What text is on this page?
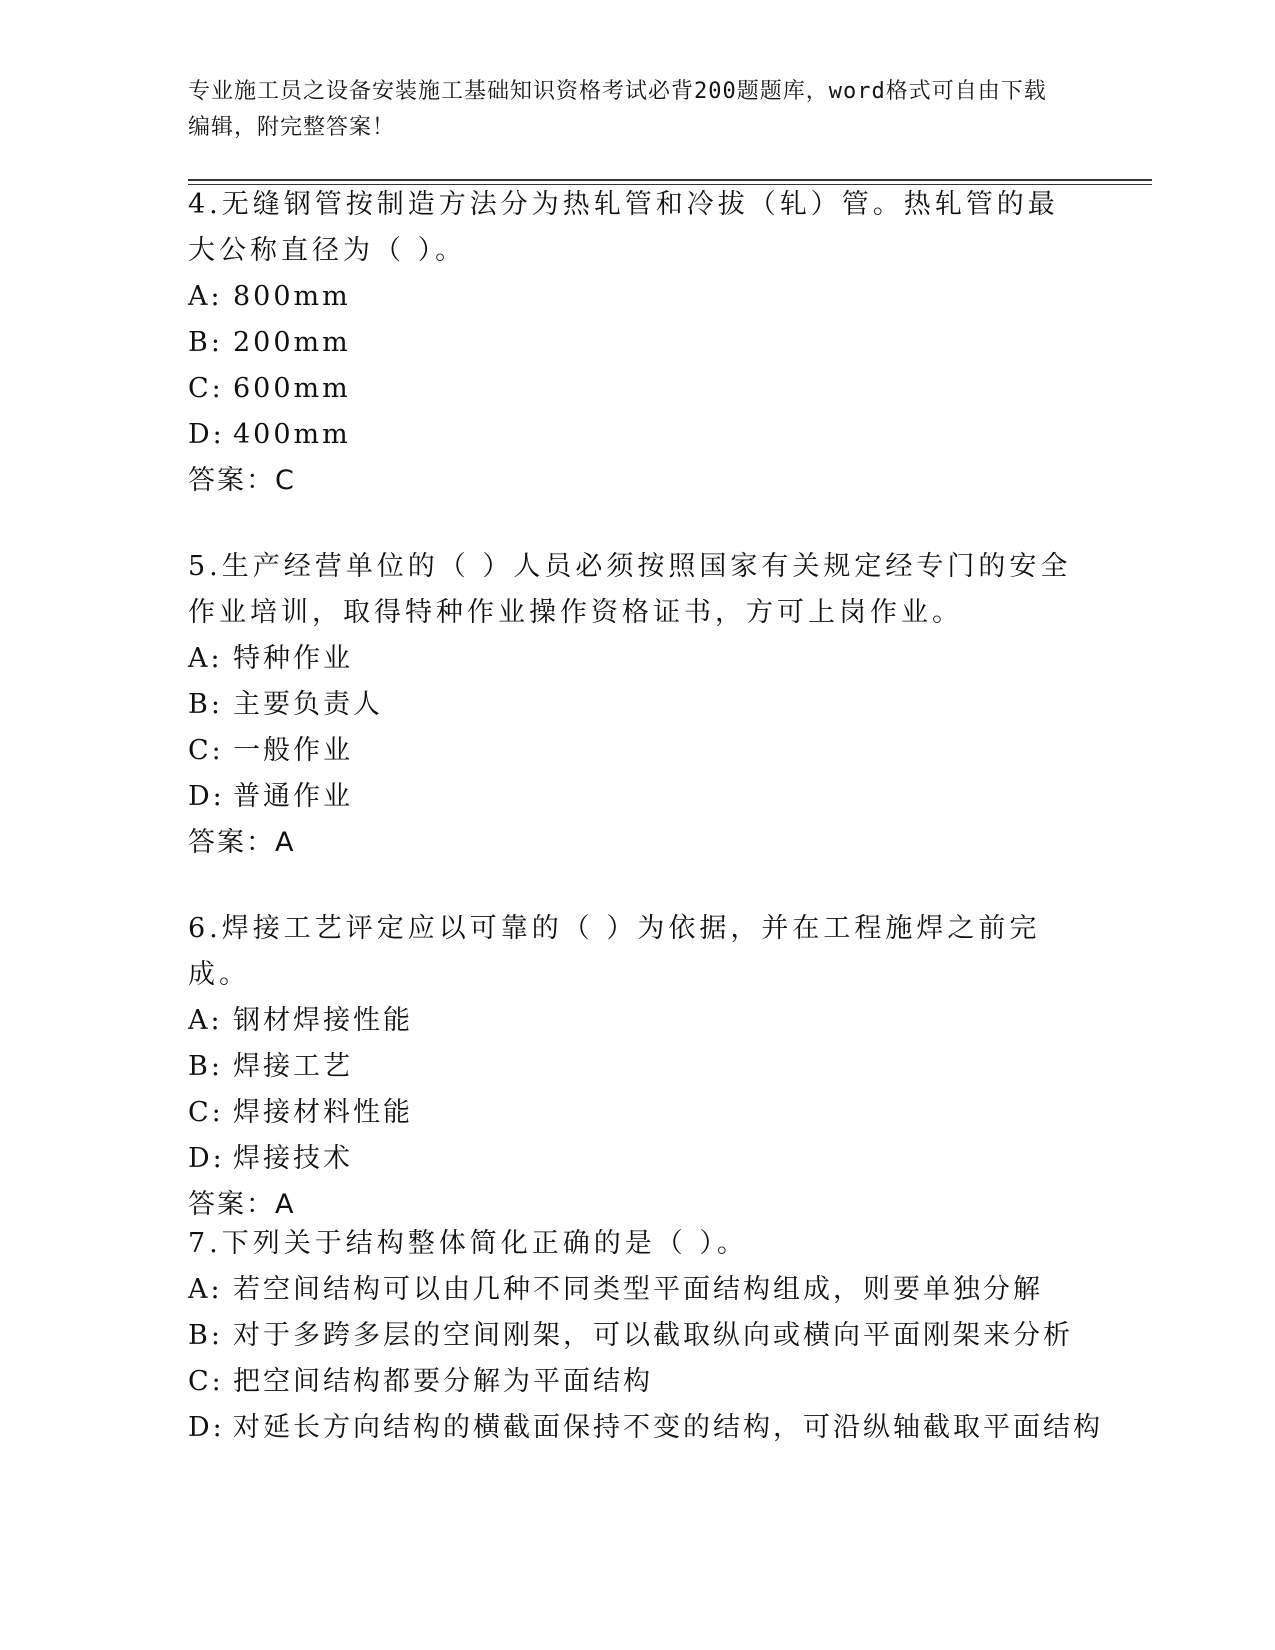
专业施工员之设备安装施工基础知识资格考试必背200题题库，word格式可自由下载编辑，附完整答案！

4.无缝钢管按制造方法分为热轧管和冷拔（轧）管。热轧管的最大公称直径为（ ）。

A: 800mm

B: 200mm

C: 600mm

D: 400mm

答案：C

5.生产经营单位的（ ）人员必须按照国家有关规定经专门的安全作业培训，取得特种作业操作资格证书，方可上岗作业。

A: 特种作业

B: 主要负责人

C: 一般作业

D: 普通作业

答案：A

6.焊接工艺评定应以可靠的（ ）为依据，并在工程施焊之前完成。

A: 钢材焊接性能

B: 焊接工艺

C: 焊接材料性能

D: 焊接技术

答案：A

7.下列关于结构整体简化正确的是（ ）。

A: 若空间结构可以由几种不同类型平面结构组成，则要单独分解

B: 对于多跨多层的空间刚架，可以截取纵向或横向平面刚架来分析

C: 把空间结构都要分解为平面结构

D: 对延长方向结构的横截面保持不变的结构，可沿纵轴截取平面结构
